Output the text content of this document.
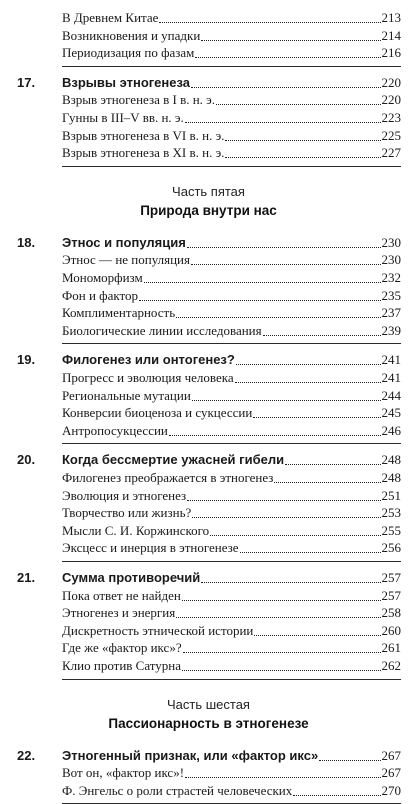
В Древнем Китае	213
Возникновения и упадки	214
Периодизация по фазам	216
17.	Взрывы этногенеза	220
Взрыв этногенеза в I в. н. э.	220
Гунны в III–V вв. н. э.	223
Взрыв этногенеза в VI в. н. э.	225
Взрыв этногенеза в XI в. н. э.	227
Часть пятая
Природа внутри нас
18.	Этнос и популяция	230
Этнос — не популяция	230
Мономорфизм	232
Фон и фактор	235
Комплиментарность	237
Биологические линии исследования	239
19.	Филогенез или онтогенез?	241
Прогресс и эволюция человека	241
Региональные мутации	244
Конверсии биоценоза и сукцессии	245
Антропосукцессии	246
20.	Когда бессмертие ужасней гибели	248
Филогенез преображается в этногенез	248
Эволюция и этногенез	251
Творчество или жизнь?	253
Мысли С. И. Коржинского	255
Эксцесс и инерция в этногенезе	256
21.	Сумма противоречий	257
Пока ответ не найден	257
Этногенез и энергия	258
Дискретность этнической истории	260
Где же «фактор икс»?	261
Клио против Сатурна	262
Часть шестая
Пассионарность в этногенезе
22.	Этногенный признак, или «фактор икс»	267
Вот он, «фактор икс»!	267
Ф. Энгельс о роли страстей человеческих	270
